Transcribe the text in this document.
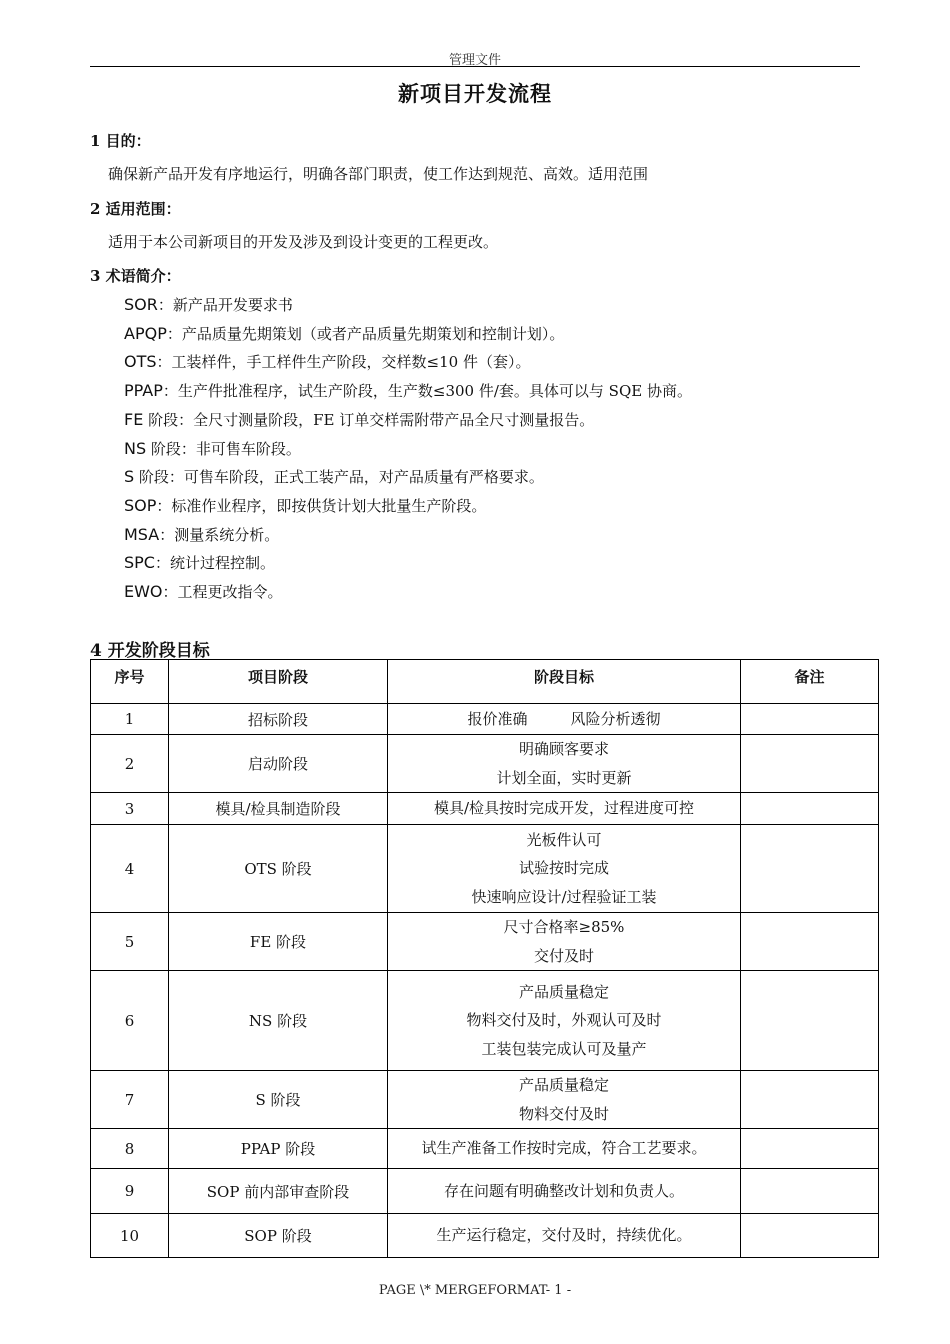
管理文件
新项目开发流程
1 目的：
确保新产品开发有序地运行，明确各部门职责，使工作达到规范、高效。适用范围
2 适用范围：
适用于本公司新项目的开发及涉及到设计变更的工程更改。
3 术语简介：
SOR：新产品开发要求书
APQP：产品质量先期策划（或者产品质量先期策划和控制计划）。
OTS：工装样件，手工样件生产阶段，交样数≤10 件（套）。
PPAP：生产件批准程序，试生产阶段，生产数≤300 件/套。具体可以与 SQE 协商。
FE 阶段：全尺寸测量阶段，FE 订单交样需附带产品全尺寸测量报告。
NS 阶段：非可售车阶段。
S 阶段：可售车阶段，正式工装产品，对产品质量有严格要求。
SOP：标准作业程序，即按供货计划大批量生产阶段。
MSA：测量系统分析。
SPC：统计过程控制。
EWO：工程更改指令。
4 开发阶段目标
序号	项目阶段	阶段目标	备注
1	招标阶段	报价准确         风险分析透彻	

2	启动阶段	明确顾客要求
计划全面，实时更新	

3	模具/检具制造阶段	模具/检具按时完成开发，过程进度可控	

4	OTS 阶段	光板件认可
试验按时完成
快速响应设计/过程验证工装	

5	FE 阶段	尺寸合格率≥85%
交付及时	

6	NS 阶段	产品质量稳定
物料交付及时，外观认可及时
工装包装完成认可及量产	

7	S 阶段	产品质量稳定
物料交付及时	

8	PPAP 阶段	试生产准备工作按时完成，符合工艺要求。	

9	SOP 前内部审查阶段	存在问题有明确整改计划和负责人。	

10	SOP 阶段	生产运行稳定，交付及时，持续优化。	

PAGE \* MERGEFORMAT- 1 -
